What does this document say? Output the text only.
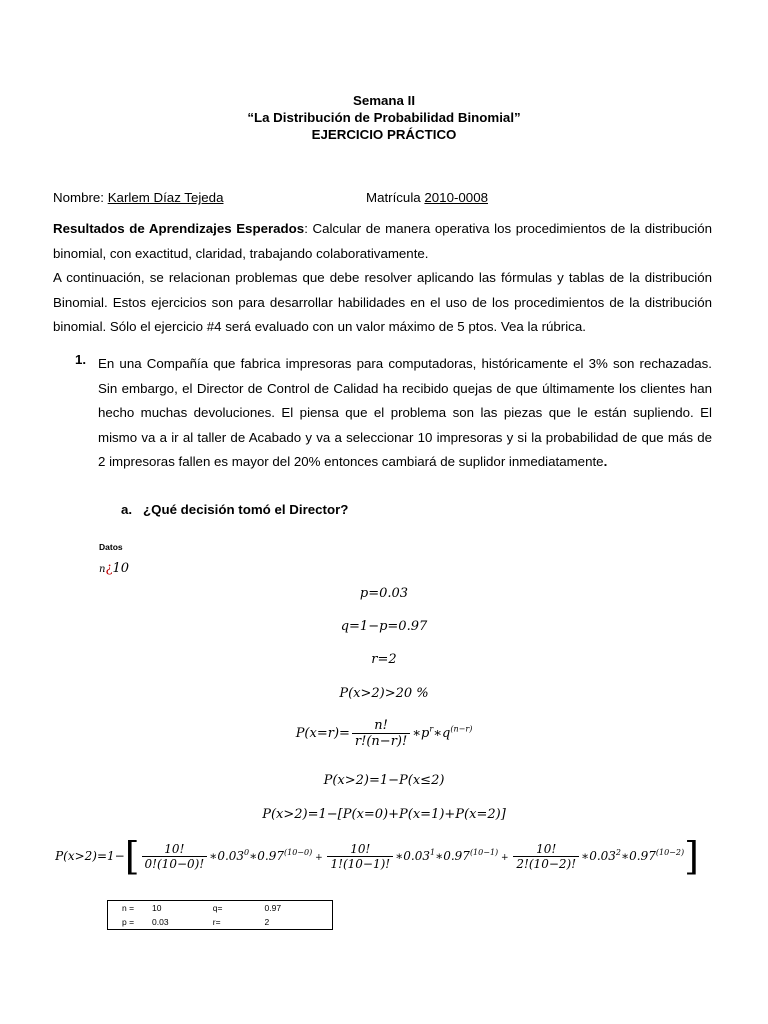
Semana II
“La Distribución de Probabilidad Binomial”
EJERCICIO PRÁCTICO
Nombre: Karlem Díaz Tejeda	Matrícula 2010-0008
Resultados de Aprendizajes Esperados: Calcular de manera operativa los procedimientos de la distribución binomial, con exactitud, claridad, trabajando colaborativamente.
A continuación, se relacionan problemas que debe resolver aplicando las fórmulas y tablas de la distribución Binomial. Estos ejercicios son para desarrollar habilidades en el uso de los procedimientos de la distribución binomial. Sólo el ejercicio #4 será evaluado con un valor máximo de 5 ptos. Vea la rúbrica.
1. En una Compañía que fabrica impresoras para computadoras, históricamente el 3% son rechazadas. Sin embargo, el Director de Control de Calidad ha recibido quejas de que últimamente los clientes han hecho muchas devoluciones. El piensa que el problema son las piezas que le están supliendo. El mismo va a ir al taller de Acabado y va a seleccionar 10 impresoras y si la probabilidad de que más de 2 impresoras fallen es mayor del 20% entonces cambiará de suplidor inmediatamente.
a. ¿Qué decisión tomó el Director?
Datos
n¿10
p=0.03
q=1−p=0.97
r=2
P(x>2)>20 %
$P(x=r)= \frac{n!}{r!(n-r)!}$ $∗p^r∗q^{(n-r)}$
P(x>2)=1−P(x≤2)
P(x>2)=1−[P(x=0)+P(x=1)+P(x=2)]
$P(x>2)=1-[ \frac{10!}{0!(10-0)!}$ $∗0.03^0∗0.97^{(10-0)} + \frac{10!}{1!(10-1)!}$ $∗0.03^1∗0.97^{(10-1)} + \frac{10!}{2!(10-2)!}$ $∗0.03^2∗0.97^{(10-2)}$]
n =	10	q=	0.97
p =	0.03	r=	2
